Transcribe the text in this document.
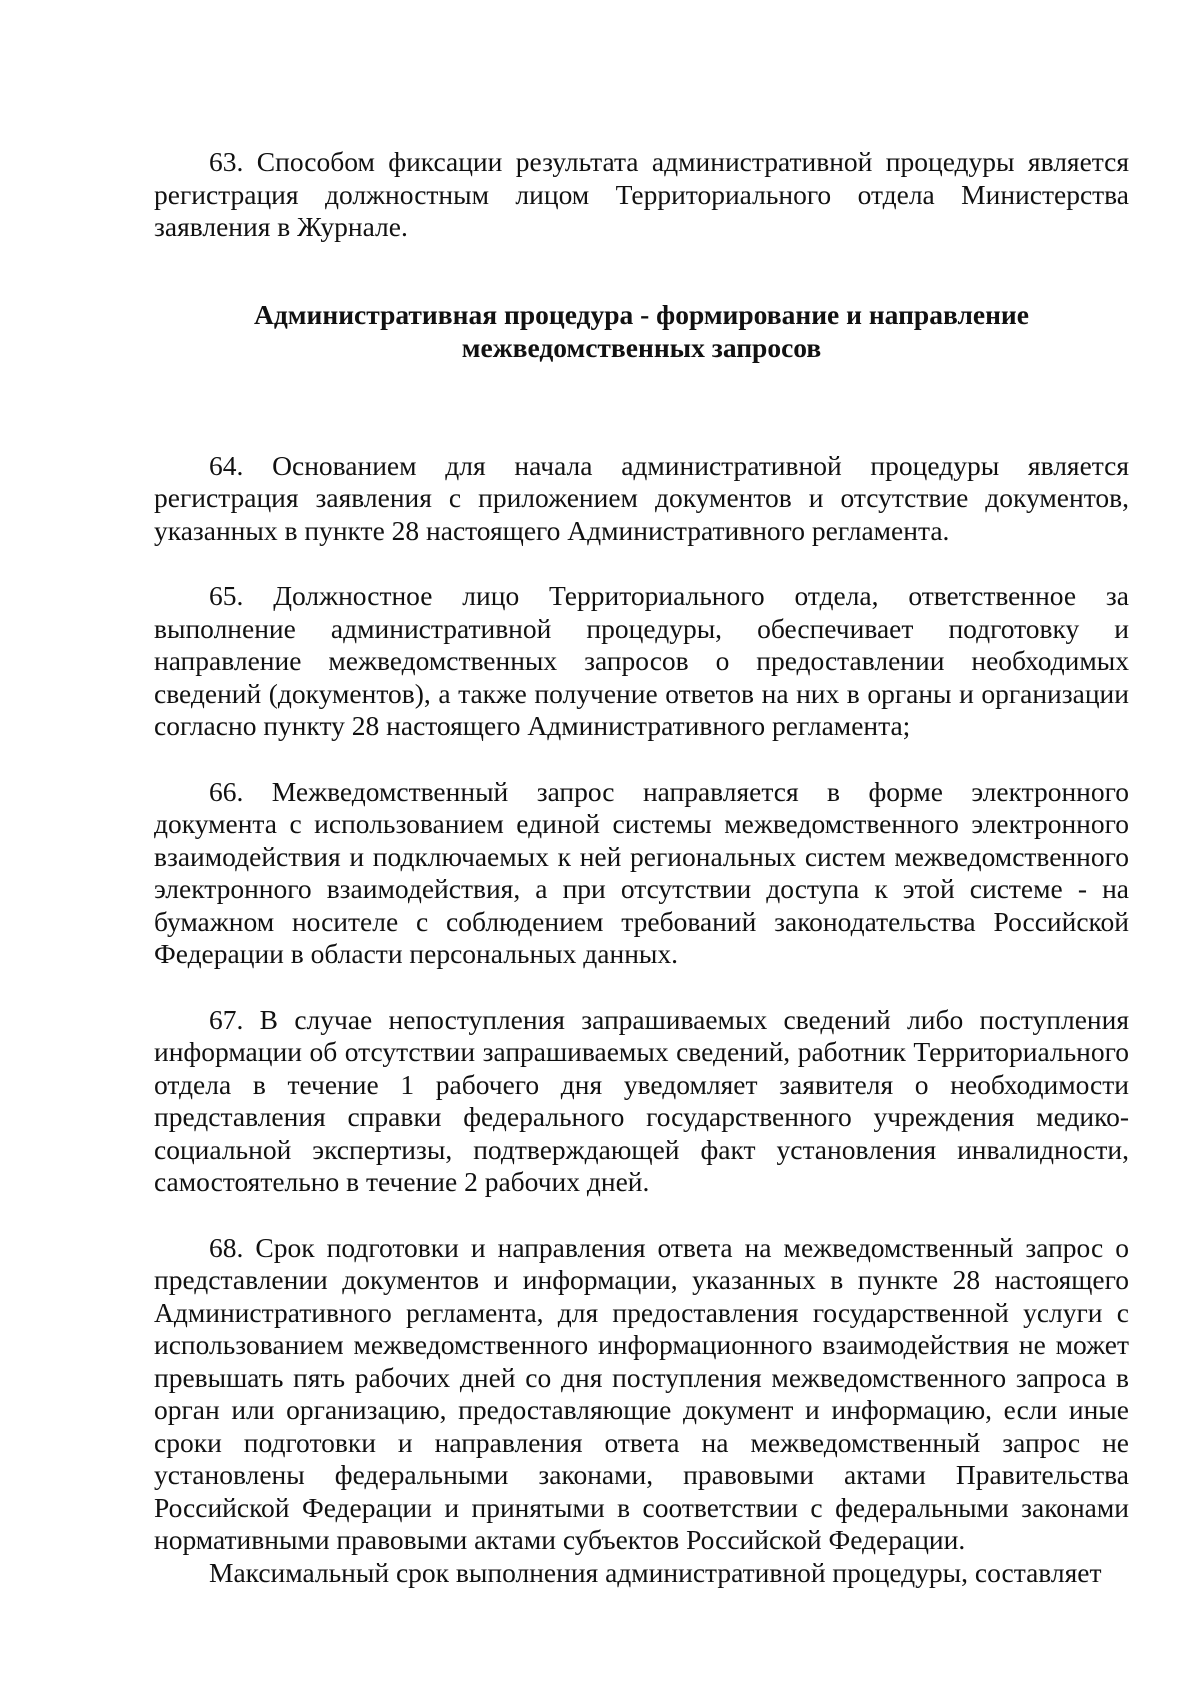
63. Способом фиксации результата административной процедуры является регистрация должностным лицом Территориального отдела Министерства заявления в Журнале.

Административная процедура - формирование и направление
межведомственных запросов

64. Основанием для начала административной процедуры является регистрация заявления с приложением документов и отсутствие документов, указанных в пункте 28 настоящего Административного регламента.

65. Должностное лицо Территориального отдела, ответственное за выполнение административной процедуры, обеспечивает подготовку и направление межведомственных запросов о предоставлении необходимых сведений (документов), а также получение ответов на них в органы и организации согласно пункту 28 настоящего Административного регламента;

66. Межведомственный запрос направляется в форме электронного документа с использованием единой системы межведомственного электронного взаимодействия и подключаемых к ней региональных систем межведомственного электронного взаимодействия, а при отсутствии доступа к этой системе - на бумажном носителе с соблюдением требований законодательства Российской Федерации в области персональных данных.

67. В случае непоступления запрашиваемых сведений либо поступления информации об отсутствии запрашиваемых сведений, работник Территориального отдела в течение 1 рабочего дня уведомляет заявителя о необходимости представления справки федерального государственного учреждения медико-социальной экспертизы, подтверждающей факт установления инвалидности, самостоятельно в течение 2 рабочих дней.

68. Срок подготовки и направления ответа на межведомственный запрос о представлении документов и информации, указанных в пункте 28 настоящего Административного регламента, для предоставления государственной услуги с использованием межведомственного информационного взаимодействия не может превышать пять рабочих дней со дня поступления межведомственного запроса в орган или организацию, предоставляющие документ и информацию, если иные сроки подготовки и направления ответа на межведомственный запрос не установлены федеральными законами, правовыми актами Правительства Российской Федерации и принятыми в соответствии с федеральными законами нормативными правовыми актами субъектов Российской Федерации.

Максимальный срок выполнения административной процедуры, составляет
